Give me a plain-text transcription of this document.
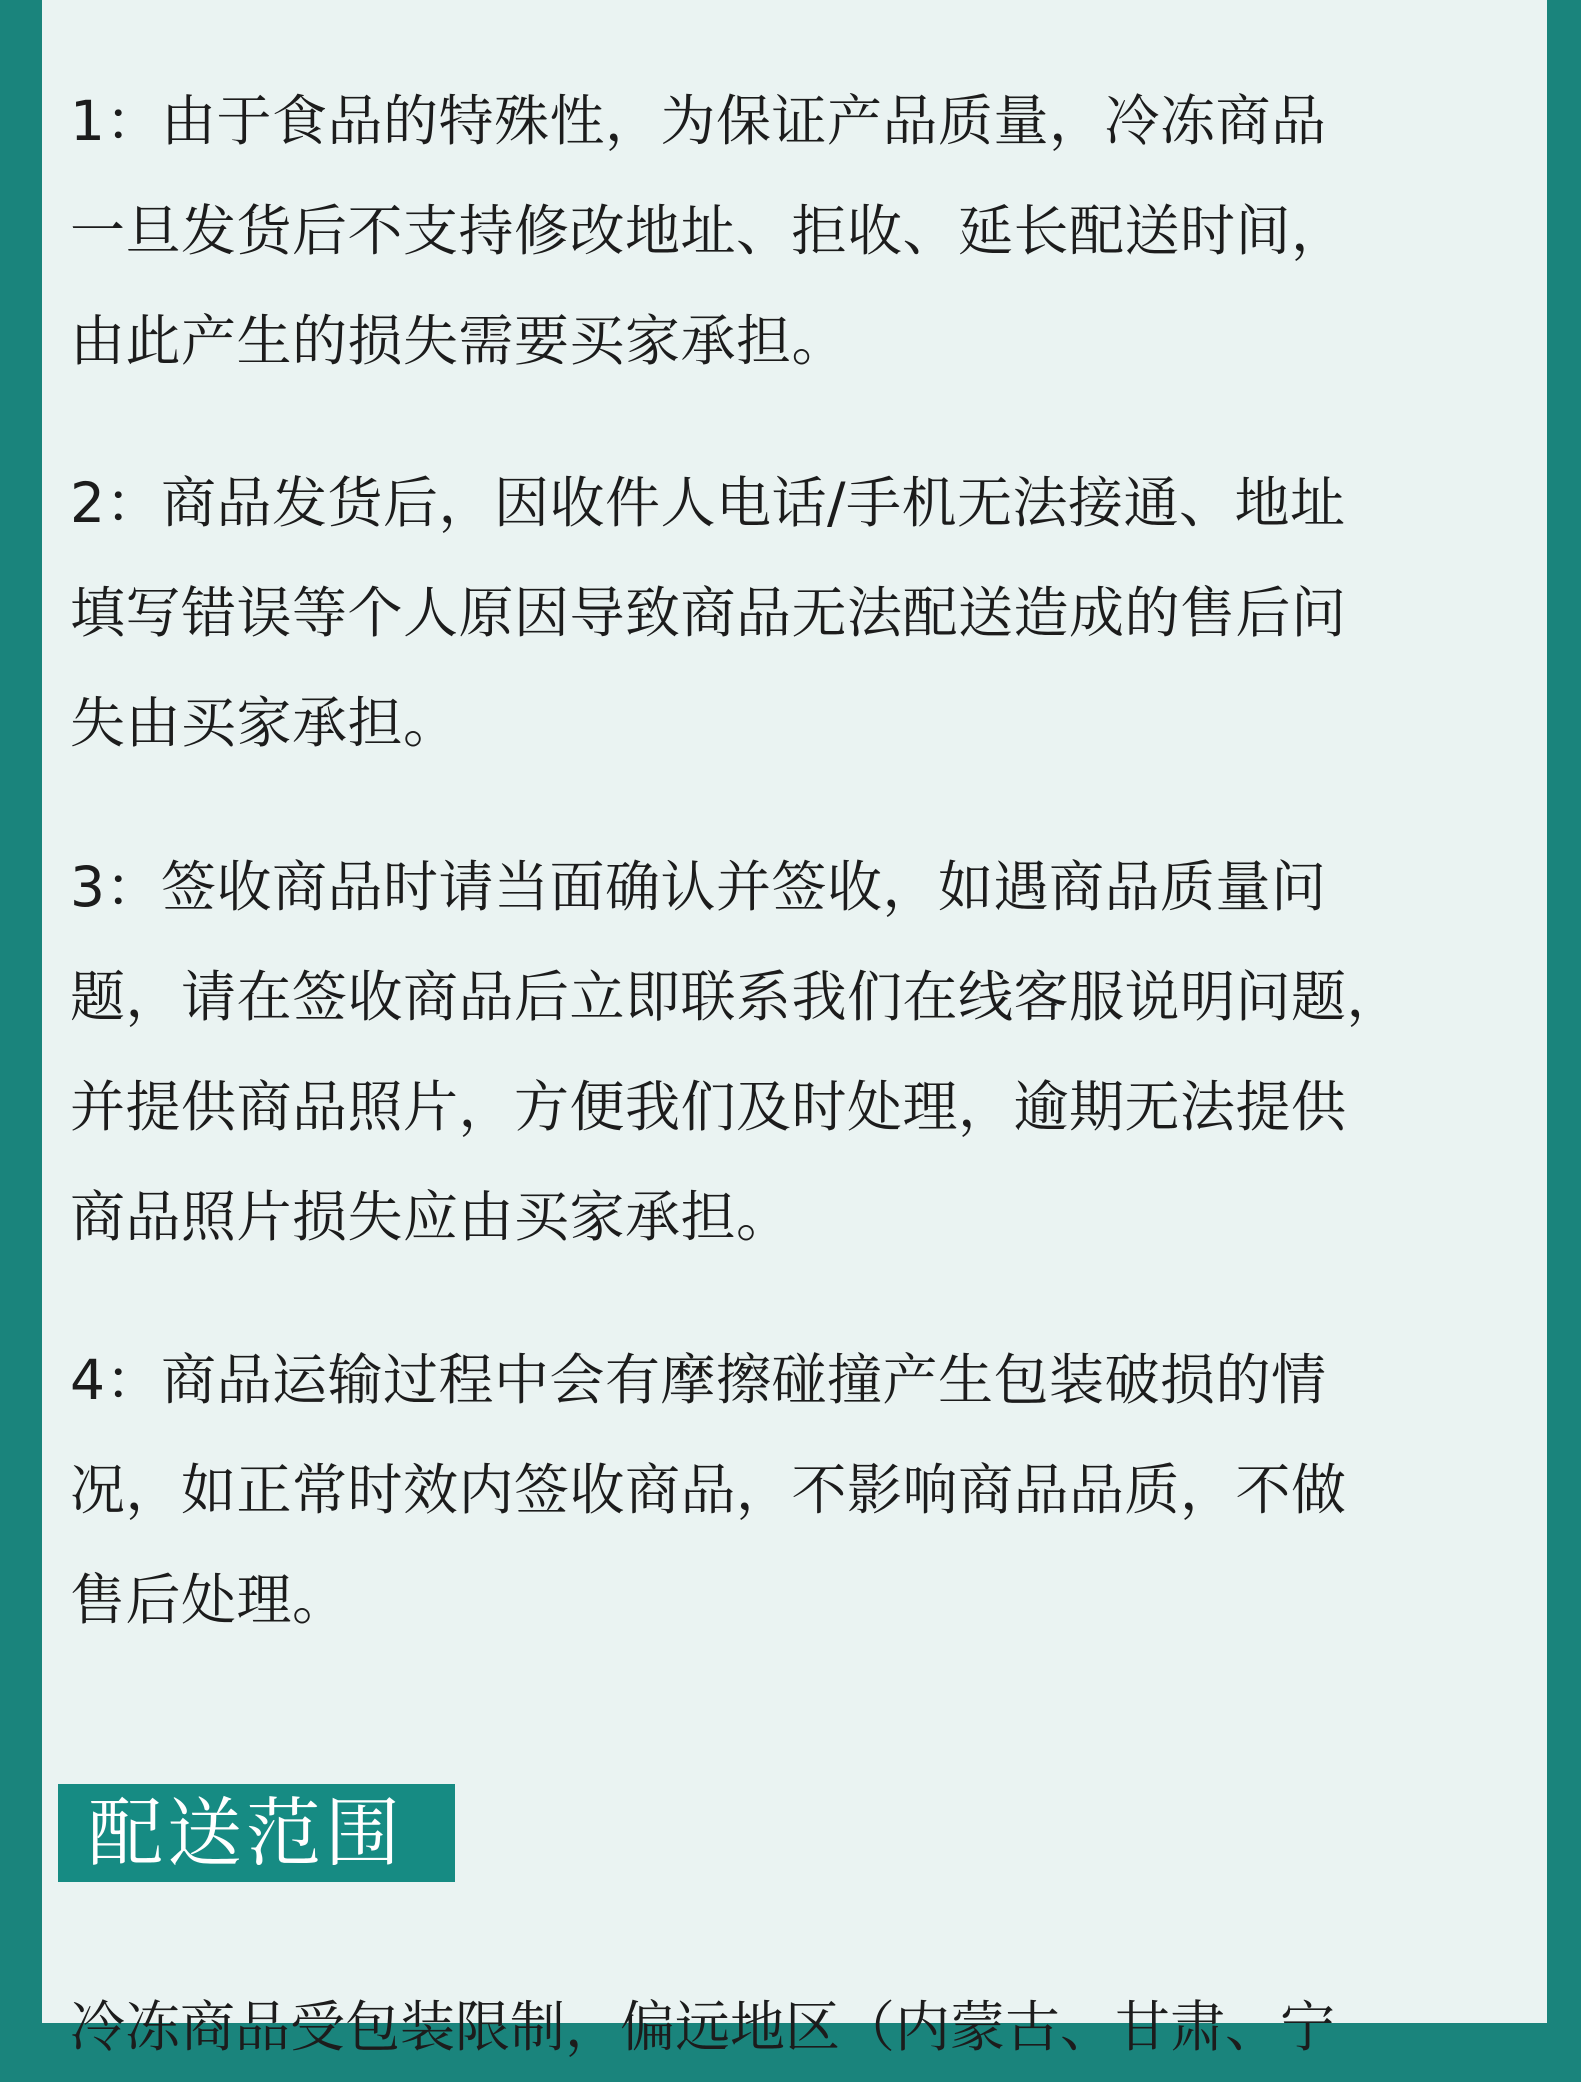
1：由于食品的特殊性，为保证产品质量，冷冻商品
一旦发货后不支持修改地址、拒收、延长配送时间，
由此产生的损失需要买家承担。
2：商品发货后，因收件人电话/手机无法接通、地址
填写错误等个人原因导致商品无法配送造成的售后问
失由买家承担。
3：签收商品时请当面确认并签收，如遇商品质量问
题，请在签收商品后立即联系我们在线客服说明问题，
并提供商品照片，方便我们及时处理，逾期无法提供
商品照片损失应由买家承担。
4：商品运输过程中会有摩擦碰撞产生包装破损的情
况，如正常时效内签收商品，不影响商品品质，不做
售后处理。
配送范围
冷冻商品受包装限制，偏远地区（内蒙古、甘肃、宁
